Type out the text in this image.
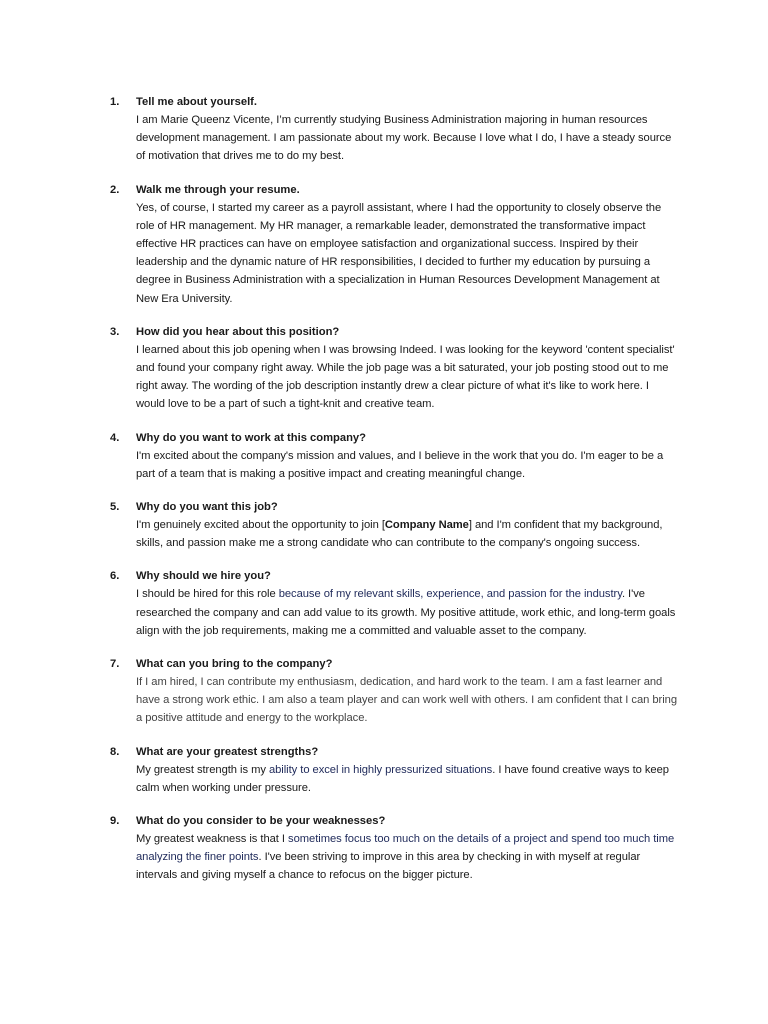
1.	Tell me about yourself.

I am Marie Queenz Vicente, I’m currently studying Business Administration majoring in human resources development management. I am passionate about my work. Because I love what I do, I have a steady source of motivation that drives me to do my best.

2.	Walk me through your resume.

Yes, of course, I started my career as a payroll assistant, where I had the opportunity to closely observe the role of HR management. My HR manager, a remarkable leader, demonstrated the transformative impact effective HR practices can have on employee satisfaction and organizational success. Inspired by their leadership and the dynamic nature of HR responsibilities, I decided to further my education by pursuing a degree in Business Administration with a specialization in Human Resources Development Management at New Era University.

3.	How did you hear about this position?

I learned about this job opening when I was browsing Indeed. I was looking for the keyword 'content specialist' and found your company right away. While the job page was a bit saturated, your job posting stood out to me right away. The wording of the job description instantly drew a clear picture of what it's like to work here. I would love to be a part of such a tight-knit and creative team.

4.	Why do you want to work at this company?

I'm excited about the company's mission and values, and I believe in the work that you do. I'm eager to be a part of a team that is making a positive impact and creating meaningful change.

5.	Why do you want this job?

I'm genuinely excited about the opportunity to join [Company Name] and I'm confident that my background, skills, and passion make me a strong candidate who can contribute to the company's ongoing success.

6.	Why should we hire you?

I should be hired for this role because of my relevant skills, experience, and passion for the industry. I've researched the company and can add value to its growth. My positive attitude, work ethic, and long-term goals align with the job requirements, making me a committed and valuable asset to the company.

7.	What can you bring to the company?

If I am hired, I can contribute my enthusiasm, dedication, and hard work to the team. I am a fast learner and have a strong work ethic. I am also a team player and can work well with others. I am confident that I can bring a positive attitude and energy to the workplace.

8.	What are your greatest strengths?

My greatest strength is my ability to excel in highly pressurized situations. I have found creative ways to keep calm when working under pressure.

9.	What do you consider to be your weaknesses?

My greatest weakness is that I sometimes focus too much on the details of a project and spend too much time analyzing the finer points. I've been striving to improve in this area by checking in with myself at regular intervals and giving myself a chance to refocus on the bigger picture.
